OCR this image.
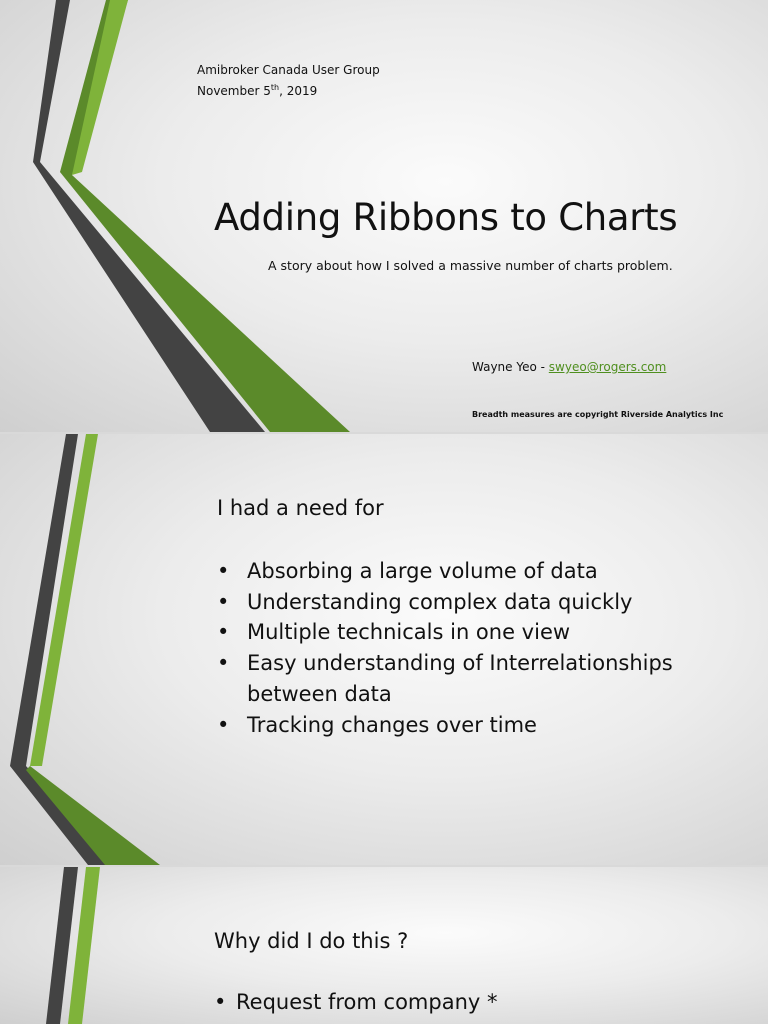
Amibroker Canada User Group

November 5th, 2019

Adding Ribbons to Charts

A story about how I solved a massive number of charts problem.

Wayne Yeo - swyeo@rogers.com

Breadth measures are copyright Riverside Analytics Inc

I had a need for

• Absorbing a large volume of data
• Understanding complex data quickly
• Multiple technicals in one view
• Easy understanding of Interrelationships between data
• Tracking changes over time

Why did I do this ?

• Request from company *
